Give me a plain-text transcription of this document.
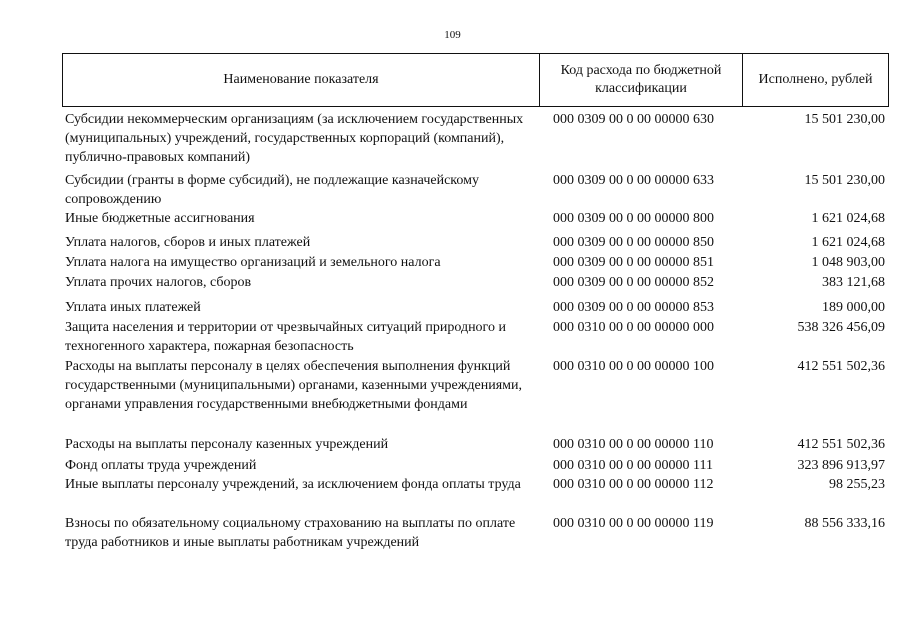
109
Наименование показателя
Код расхода по бюджетной классификации
Исполнено, рублей
Субсидии некоммерческим организациям (за исключением государственных (муниципальных) учреждений, государственных корпораций (компаний), публично-правовых компаний)
000 0309 00 0 00 00000 630	15 501 230,00
Субсидии (гранты в форме субсидий), не подлежащие казначейскому сопровождению
000 0309 00 0 00 00000 633	15 501 230,00
Иные бюджетные ассигнования	000 0309 00 0 00 00000 800	1 621 024,68
Уплата налогов, сборов и иных платежей	000 0309 00 0 00 00000 850	1 621 024,68
Уплата налога на имущество организаций и земельного налога	000 0309 00 0 00 00000 851	1 048 903,00
Уплата прочих налогов, сборов	000 0309 00 0 00 00000 852	383 121,68
Уплата иных платежей	000 0309 00 0 00 00000 853	189 000,00
Защита населения и территории от чрезвычайных ситуаций природного и техногенного характера, пожарная безопасность
000 0310 00 0 00 00000 000	538 326 456,09
Расходы на выплаты персоналу в целях обеспечения выполнения функций государственными (муниципальными) органами, казенными учреждениями, органами управления государственными внебюджетными фондами
000 0310 00 0 00 00000 100	412 551 502,36
Расходы на выплаты персоналу казенных учреждений	000 0310 00 0 00 00000 110	412 551 502,36
Фонд оплаты труда учреждений	000 0310 00 0 00 00000 111	323 896 913,97
Иные выплаты персоналу учреждений, за исключением фонда оплаты труда	000 0310 00 0 00 00000 112	98 255,23
Взносы по обязательному социальному страхованию на выплаты по оплате труда работников и иные выплаты работникам учреждений
000 0310 00 0 00 00000 119	88 556 333,16
